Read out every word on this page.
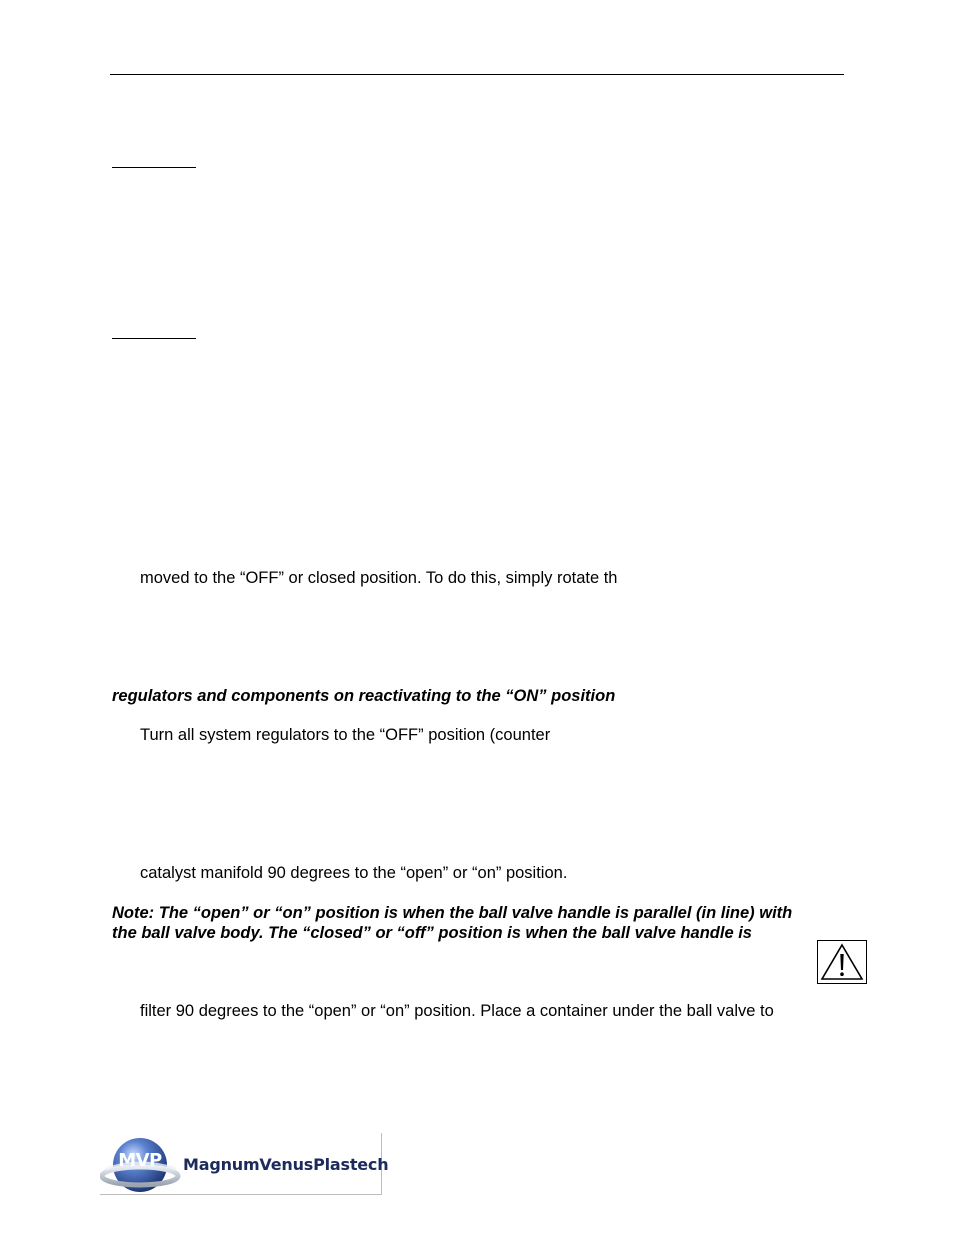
moved to the “OFF” or closed position. To do this, simply rotate th
regulators and components on reactivating to the “ON” position
Turn all system regulators to the “OFF” position (counter
catalyst manifold 90 degrees to the “open” or “on” position.
Note: The “open” or “on” position is when the ball valve handle is parallel (in line) with
the ball valve body. The “closed” or “off” position is when the ball valve handle is
filter 90 degrees to the “open” or “on” position. Place a container under the ball valve to
MVP	MagnumVenusPlastech
